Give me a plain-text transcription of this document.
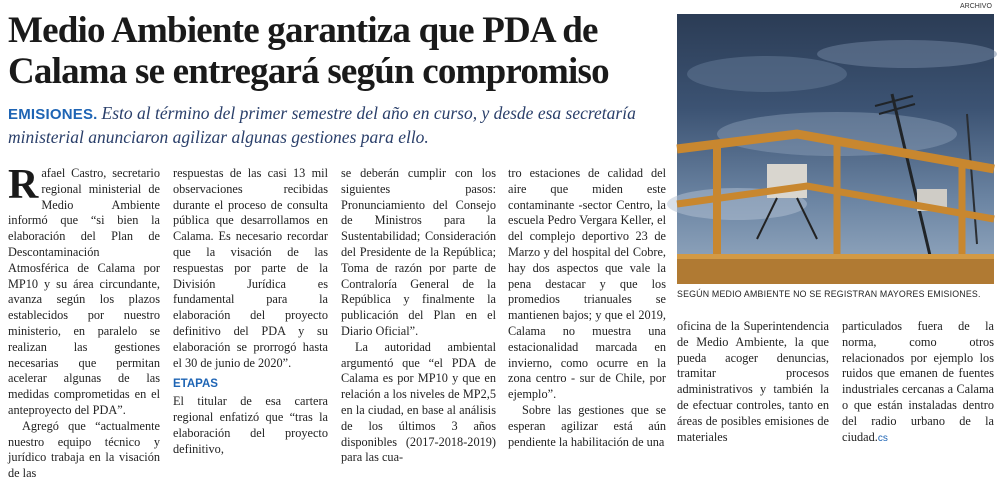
Medio Ambiente garantiza que PDA de Calama se entregará según compromiso
EMISIONES. Esto al término del primer semestre del año en curso, y desde esa secretaría ministerial anunciaron agilizar algunas gestiones para ello.
ARCHIVO
SEGÚN MEDIO AMBIENTE NO SE REGISTRAN MAYORES EMISIONES.

Rafael Castro, secretario regional ministerial de Medio Ambiente informó que “si bien la elaboración del Plan de Descontaminación Atmosférica de Calama por MP10 y su área circundante, avanza según los plazos establecidos por nuestro ministerio, en paralelo se realizan las gestiones necesarias que permitan acelerar algunas de las medidas comprometidas en el anteproyecto del PDA”.

Agregó que “actualmente nuestro equipo técnico y jurídico trabaja en la visación de las

respuestas de las casi 13 mil observaciones recibidas durante el proceso de consulta pública que desarrollamos en Calama. Es necesario recordar que la visación de las respuestas por parte de la División Jurídica es fundamental para la elaboración del proyecto definitivo del PDA y su elaboración se prorrogó hasta el 30 de junio de 2020”.

ETAPAS

El titular de esa cartera regional enfatizó que “tras la elaboración del proyecto definitivo,

se deberán cumplir con los siguientes pasos: Pronunciamiento del Consejo de Ministros para la Sustentabilidad; Consideración del Presidente de la República; Toma de razón por parte de Contraloría General de la República y finalmente la publicación del Plan en el Diario Oficial”.

La autoridad ambiental argumentó que “el PDA de Calama es por MP10 y que en relación a los niveles de MP2,5 en la ciudad, en base al análisis de los últimos 3 años disponibles (2017-2018-2019) para las cua-

tro estaciones de calidad del aire que miden este contaminante -sector Centro, la escuela Pedro Vergara Keller, el del complejo deportivo 23 de Marzo y del hospital del Cobre, hay dos aspectos que vale la pena destacar y que los promedios trianuales se mantienen bajos; y que el 2019, Calama no muestra una estacionalidad marcada en invierno, como ocurre en la zona centro - sur de Chile, por ejemplo”.

Sobre las gestiones que se esperan agilizar está aún pendiente la habilitación de una

oficina de la Superintendencia de Medio Ambiente, la que pueda acoger denuncias, tramitar procesos administrativos y también la de efectuar controles, tanto en áreas de posibles emisiones de materiales

particulados fuera de la norma, como otros relacionados por ejemplo los ruidos que emanen de fuentes industriales cercanas a Calama o que están instaladas dentro del radio urbano de la ciudad.cs
